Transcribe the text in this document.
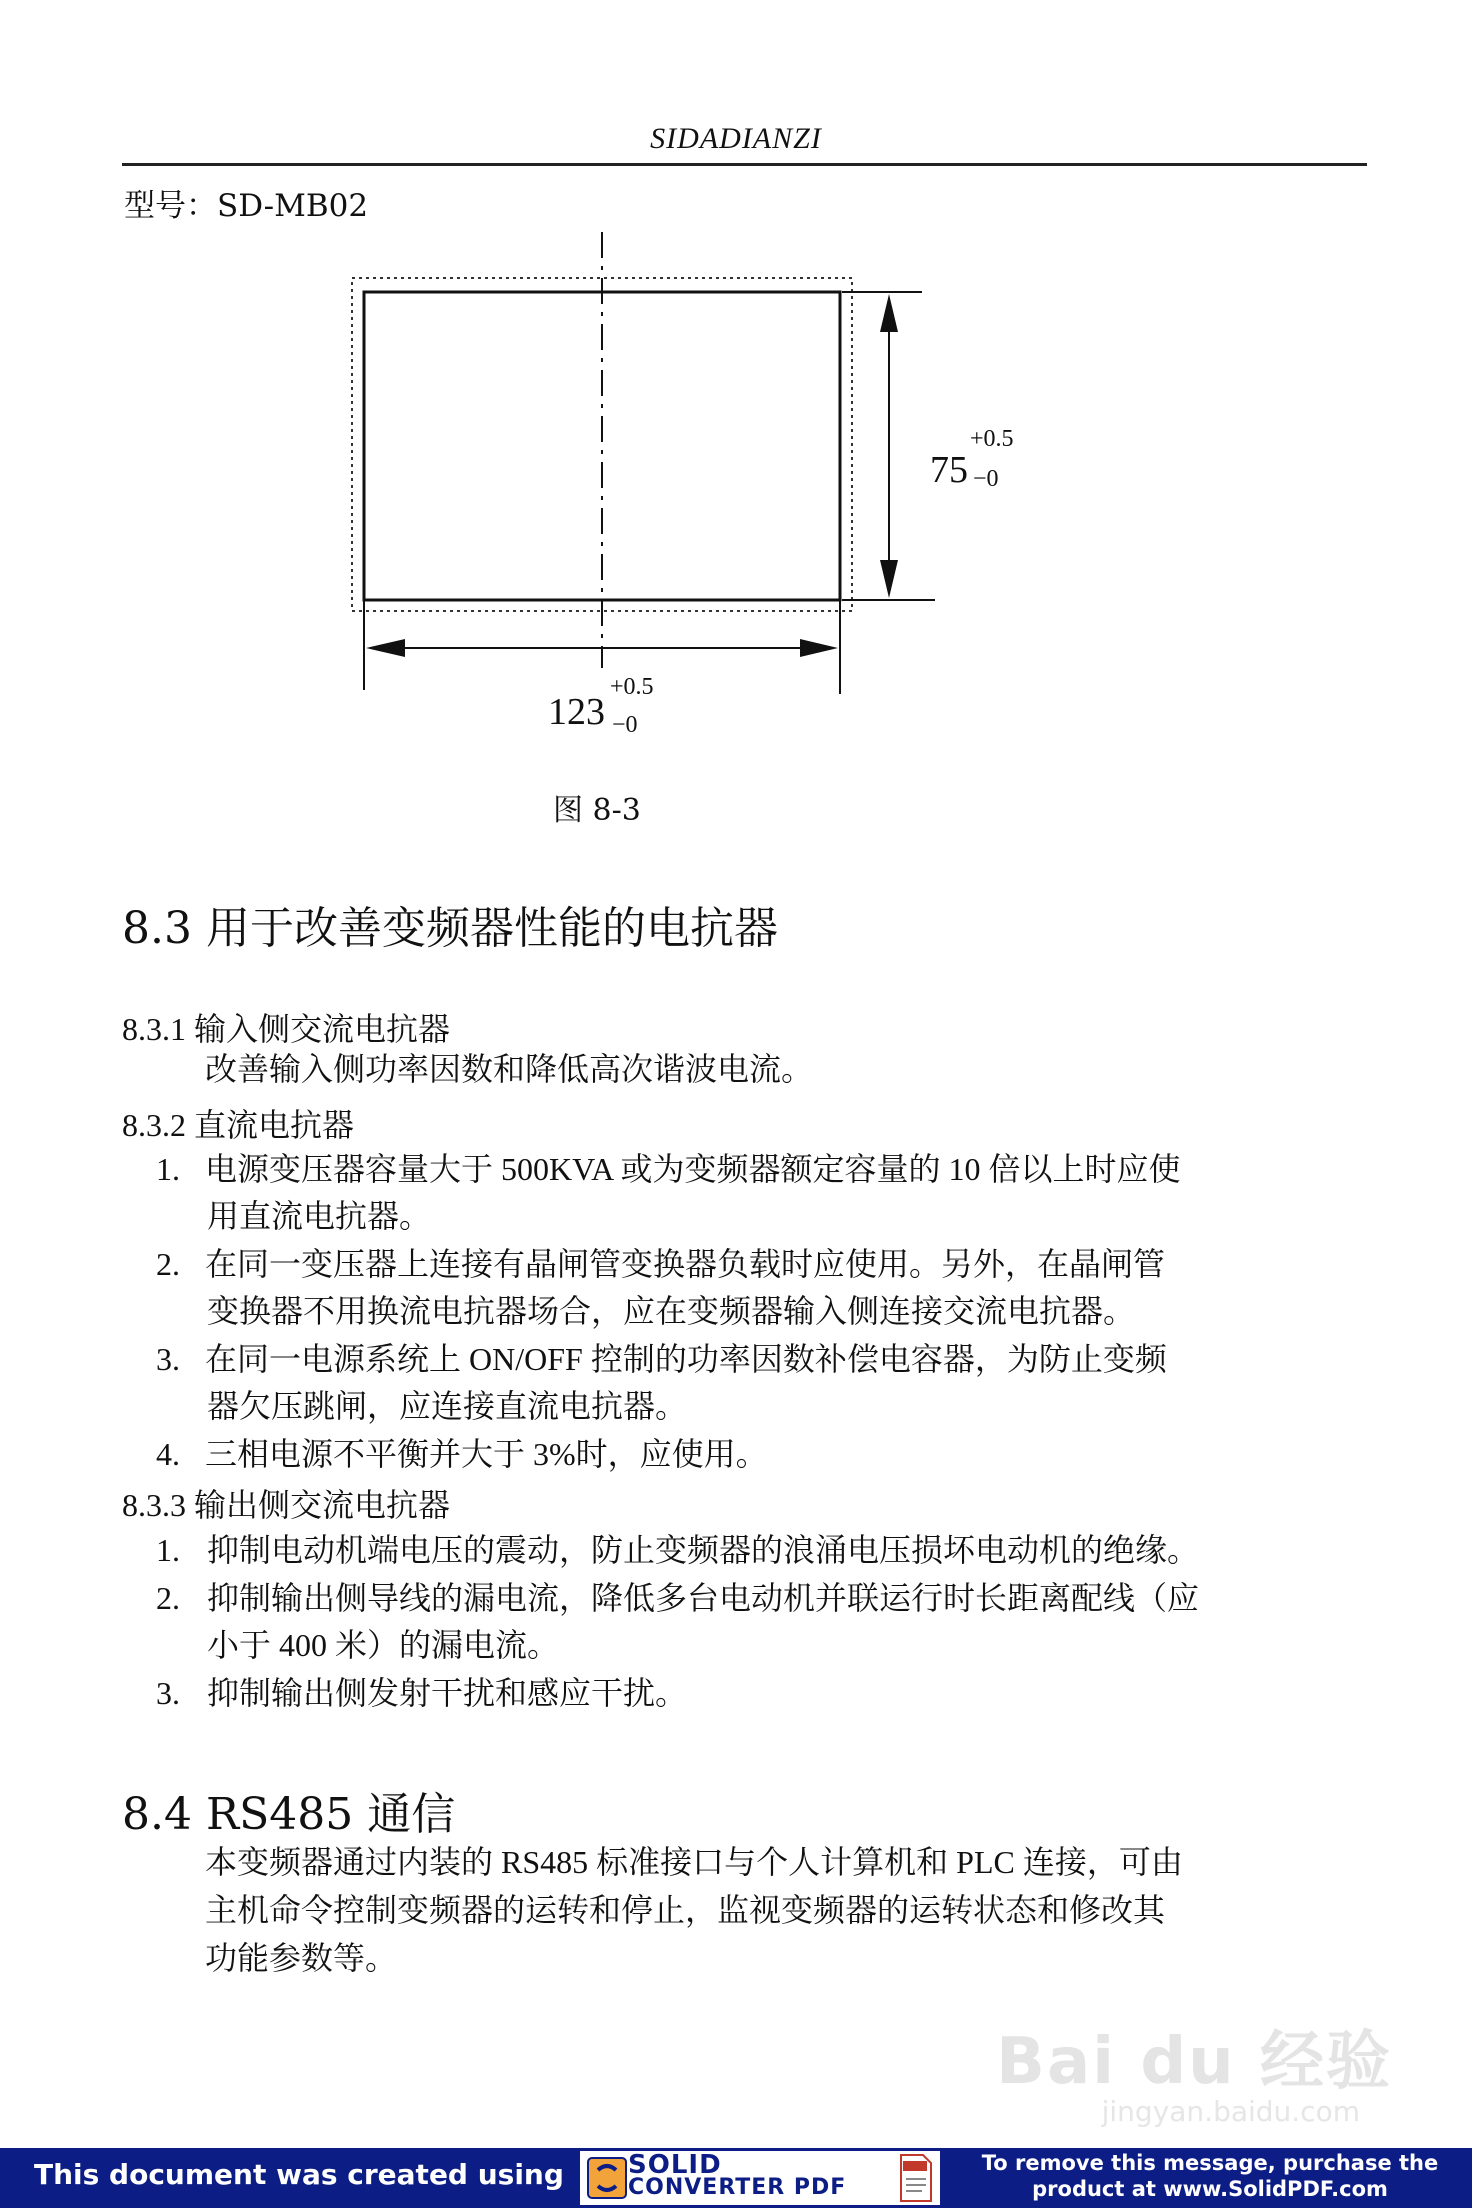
SIDADIANZI
型号：SD-MB02
75
+0.5
−0
123
+0.5
−0
图 8-3
8.3 用于改善变频器性能的电抗器
8.3.1 输入侧交流电抗器
改善输入侧功率因数和降低高次谐波电流。
8.3.2 直流电抗器
1. 电源变压器容量大于 500KVA 或为变频器额定容量的 10 倍以上时应使
用直流电抗器。
2. 在同一变压器上连接有晶闸管变换器负载时应使用。另外，在晶闸管
变换器不用换流电抗器场合，应在变频器输入侧连接交流电抗器。
3. 在同一电源系统上 ON/OFF 控制的功率因数补偿电容器，为防止变频
器欠压跳闸，应连接直流电抗器。
4. 三相电源不平衡并大于 3%时，应使用。
8.3.3 输出侧交流电抗器
1. 抑制电动机端电压的震动，防止变频器的浪涌电压损坏电动机的绝缘。
2. 抑制输出侧导线的漏电流，降低多台电动机并联运行时长距离配线（应
小于 400 米）的漏电流。
3. 抑制输出侧发射干扰和感应干扰。
8.4 RS485 通信
本变频器通过内装的 RS485 标准接口与个人计算机和 PLC 连接，可由
主机命令控制变频器的运转和停止，监视变频器的运转状态和修改其
功能参数等。
Bai du 经验
jingyan.baidu.com
This document was created using SOLID
CONVERTER PDF
To remove this message, purchase the
product at www.SolidPDF.com
